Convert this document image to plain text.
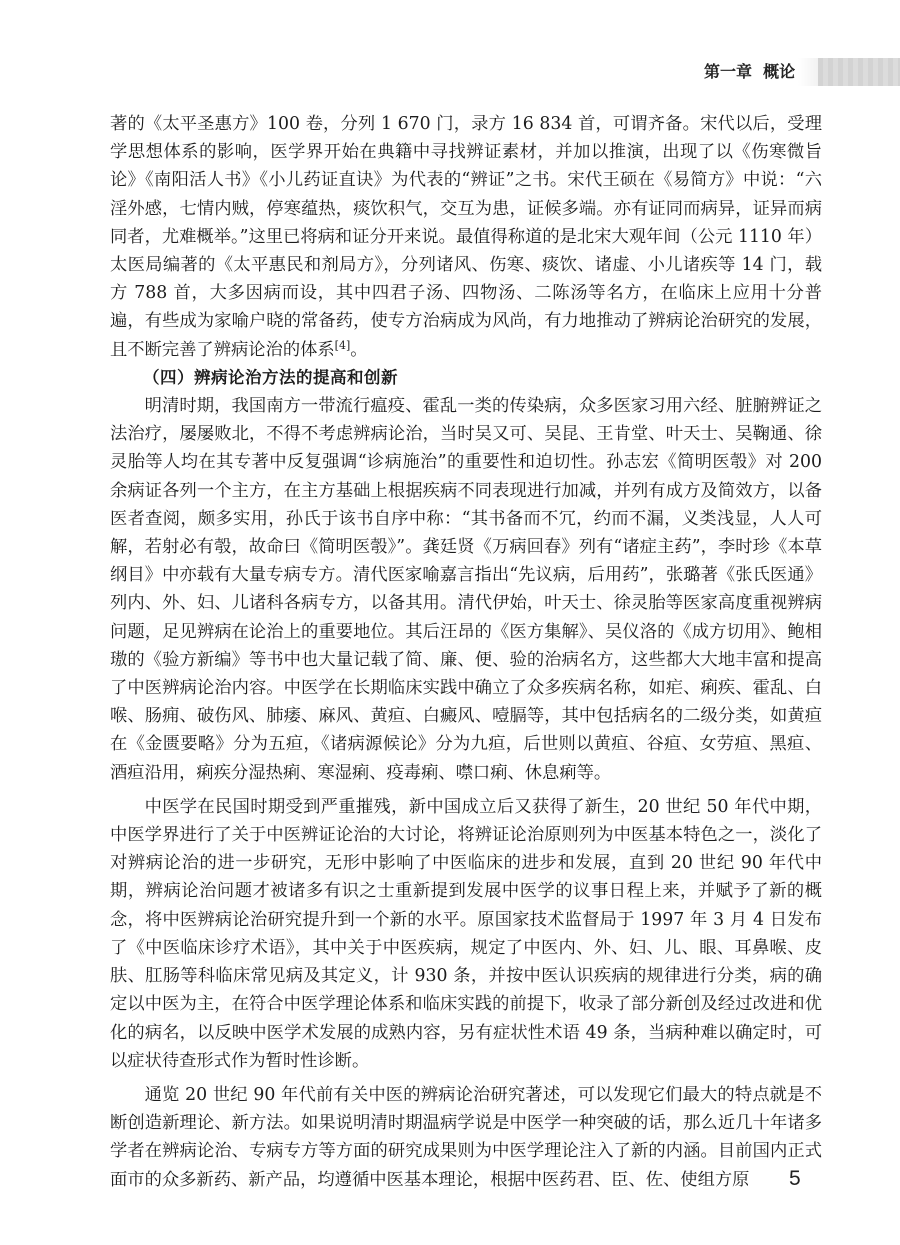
第一章 概论

著的《太平圣惠方》100 卷，分列 1 670 门，录方 16 834 首，可谓齐备。宋代以后，受理学思想体系的影响，医学界开始在典籍中寻找辨证素材，并加以推演，出现了以《伤寒微旨论》《南阳活人书》《小儿药证直诀》为代表的“辨证”之书。宋代王硕在《易简方》中说：“六淫外感，七情内贼，停寒蕴热，痰饮积气，交互为患，证候多端。亦有证同而病异，证异而病同者，尤难概举。”这里已将病和证分开来说。最值得称道的是北宋大观年间（公元 1110 年）太医局编著的《太平惠民和剂局方》，分列诸风、伤寒、痰饮、诸虚、小儿诸疾等 14 门，载方 788 首，大多因病而设，其中四君子汤、四物汤、二陈汤等名方，在临床上应用十分普遍，有些成为家喻户晓的常备药，使专方治病成为风尚，有力地推动了辨病论治研究的发展，且不断完善了辨病论治的体系[4]。

（四）辨病论治方法的提高和创新

明清时期，我国南方一带流行瘟疫、霍乱一类的传染病，众多医家习用六经、脏腑辨证之法治疗，屡屡败北，不得不考虑辨病论治，当时吴又可、吴昆、王肯堂、叶天士、吴鞠通、徐灵胎等人均在其专著中反复强调“诊病施治”的重要性和迫切性。孙志宏《简明医彀》对 200 余病证各列一个主方，在主方基础上根据疾病不同表现进行加减，并列有成方及简效方，以备医者查阅，颇多实用，孙氏于该书自序中称：“其书备而不冗，约而不漏，义类浅显，人人可解，若射必有彀，故命曰《简明医彀》”。龚廷贤《万病回春》列有“诸症主药”，李时珍《本草纲目》中亦载有大量专病专方。清代医家喻嘉言指出“先议病，后用药”，张璐著《张氏医通》列内、外、妇、儿诸科各病专方，以备其用。清代伊始，叶天士、徐灵胎等医家高度重视辨病问题，足见辨病在论治上的重要地位。其后汪昂的《医方集解》、吴仪洛的《成方切用》、鲍相璈的《验方新编》等书中也大量记载了简、廉、便、验的治病名方，这些都大大地丰富和提高了中医辨病论治内容。中医学在长期临床实践中确立了众多疾病名称，如疟、痢疾、霍乱、白喉、肠痈、破伤风、肺痿、麻风、黄疸、白癜风、噎膈等，其中包括病名的二级分类，如黄疸在《金匮要略》分为五疸，《诸病源候论》分为九疸，后世则以黄疸、谷疸、女劳疸、黑疸、酒疸沿用，痢疾分湿热痢、寒湿痢、疫毒痢、噤口痢、休息痢等。

中医学在民国时期受到严重摧残，新中国成立后又获得了新生，20 世纪 50 年代中期，中医学界进行了关于中医辨证论治的大讨论，将辨证论治原则列为中医基本特色之一，淡化了对辨病论治的进一步研究，无形中影响了中医临床的进步和发展，直到 20 世纪 90 年代中期，辨病论治问题才被诸多有识之士重新提到发展中医学的议事日程上来，并赋予了新的概念，将中医辨病论治研究提升到一个新的水平。原国家技术监督局于 1997 年 3 月 4 日发布了《中医临床诊疗术语》，其中关于中医疾病，规定了中医内、外、妇、儿、眼、耳鼻喉、皮肤、肛肠等科临床常见病及其定义，计 930 条，并按中医认识疾病的规律进行分类，病的确定以中医为主，在符合中医学理论体系和临床实践的前提下，收录了部分新创及经过改进和优化的病名，以反映中医学术发展的成熟内容，另有症状性术语 49 条，当病种难以确定时，可以症状待查形式作为暂时性诊断。

通览 20 世纪 90 年代前有关中医的辨病论治研究著述，可以发现它们最大的特点就是不断创造新理论、新方法。如果说明清时期温病学说是中医学一种突破的话，那么近几十年诸多学者在辨病论治、专病专方等方面的研究成果则为中医学理论注入了新的内涵。目前国内正式面市的众多新药、新产品，均遵循中医基本理论，根据中医药君、臣、佐、使组方原	5
